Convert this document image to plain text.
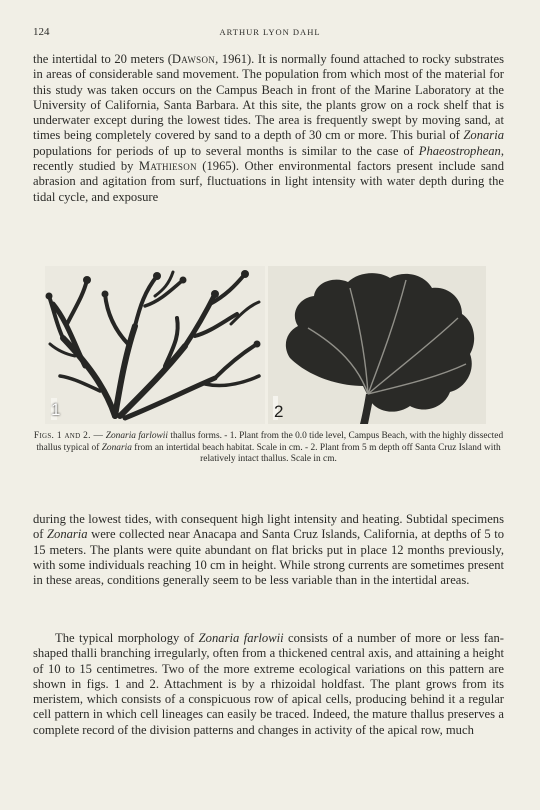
124	ARTHUR LYON DAHL

the intertidal to 20 meters (Dawson, 1961). It is normally found attached to rocky substrates in areas of considerable sand movement. The population from which most of the material for this study was taken occurs on the Campus Beach in front of the Marine Laboratory at the University of California, Santa Barbara. At this site, the plants grow on a rock shelf that is underwater except during the lowest tides. The area is frequently swept by moving sand, at times being completely covered by sand to a depth of 30 cm or more. This burial of Zonaria populations for periods of up to several months is similar to the case of Phaeostrophean, recently studied by Mathieson (1965). Other environmental factors present include sand abrasion and agitation from surf, fluctuations in light intensity with water depth during the tidal cycle, and exposure

1	2
Figs. 1 and 2. — Zonaria farlowii thallus forms. - 1. Plant from the 0.0 tide level, Campus Beach, with the highly dissected thallus typical of Zonaria from an intertidal beach habitat. Scale in cm. - 2. Plant from 5 m depth off Santa Cruz Island with relatively intact thallus. Scale in cm.

during the lowest tides, with consequent high light intensity and heating. Subtidal specimens of Zonaria were collected near Anacapa and Santa Cruz Islands, California, at depths of 5 to 15 meters. The plants were quite abundant on flat bricks put in place 12 months previously, with some individuals reaching 10 cm in height. While strong currents are sometimes present in these areas, conditions generally seem to be less variable than in the intertidal areas.

The typical morphology of Zonaria farlowii consists of a number of more or less fan-shaped thalli branching irregularly, often from a thickened central axis, and attaining a height of 10 to 15 centimetres. Two of the more extreme ecological variations on this pattern are shown in figs. 1 and 2. Attachment is by a rhizoidal holdfast. The plant grows from its meristem, which consists of a conspicuous row of apical cells, producing behind it a regular cell pattern in which cell lineages can easily be traced. Indeed, the mature thallus preserves a complete record of the division patterns and changes in activity of the apical row, much
